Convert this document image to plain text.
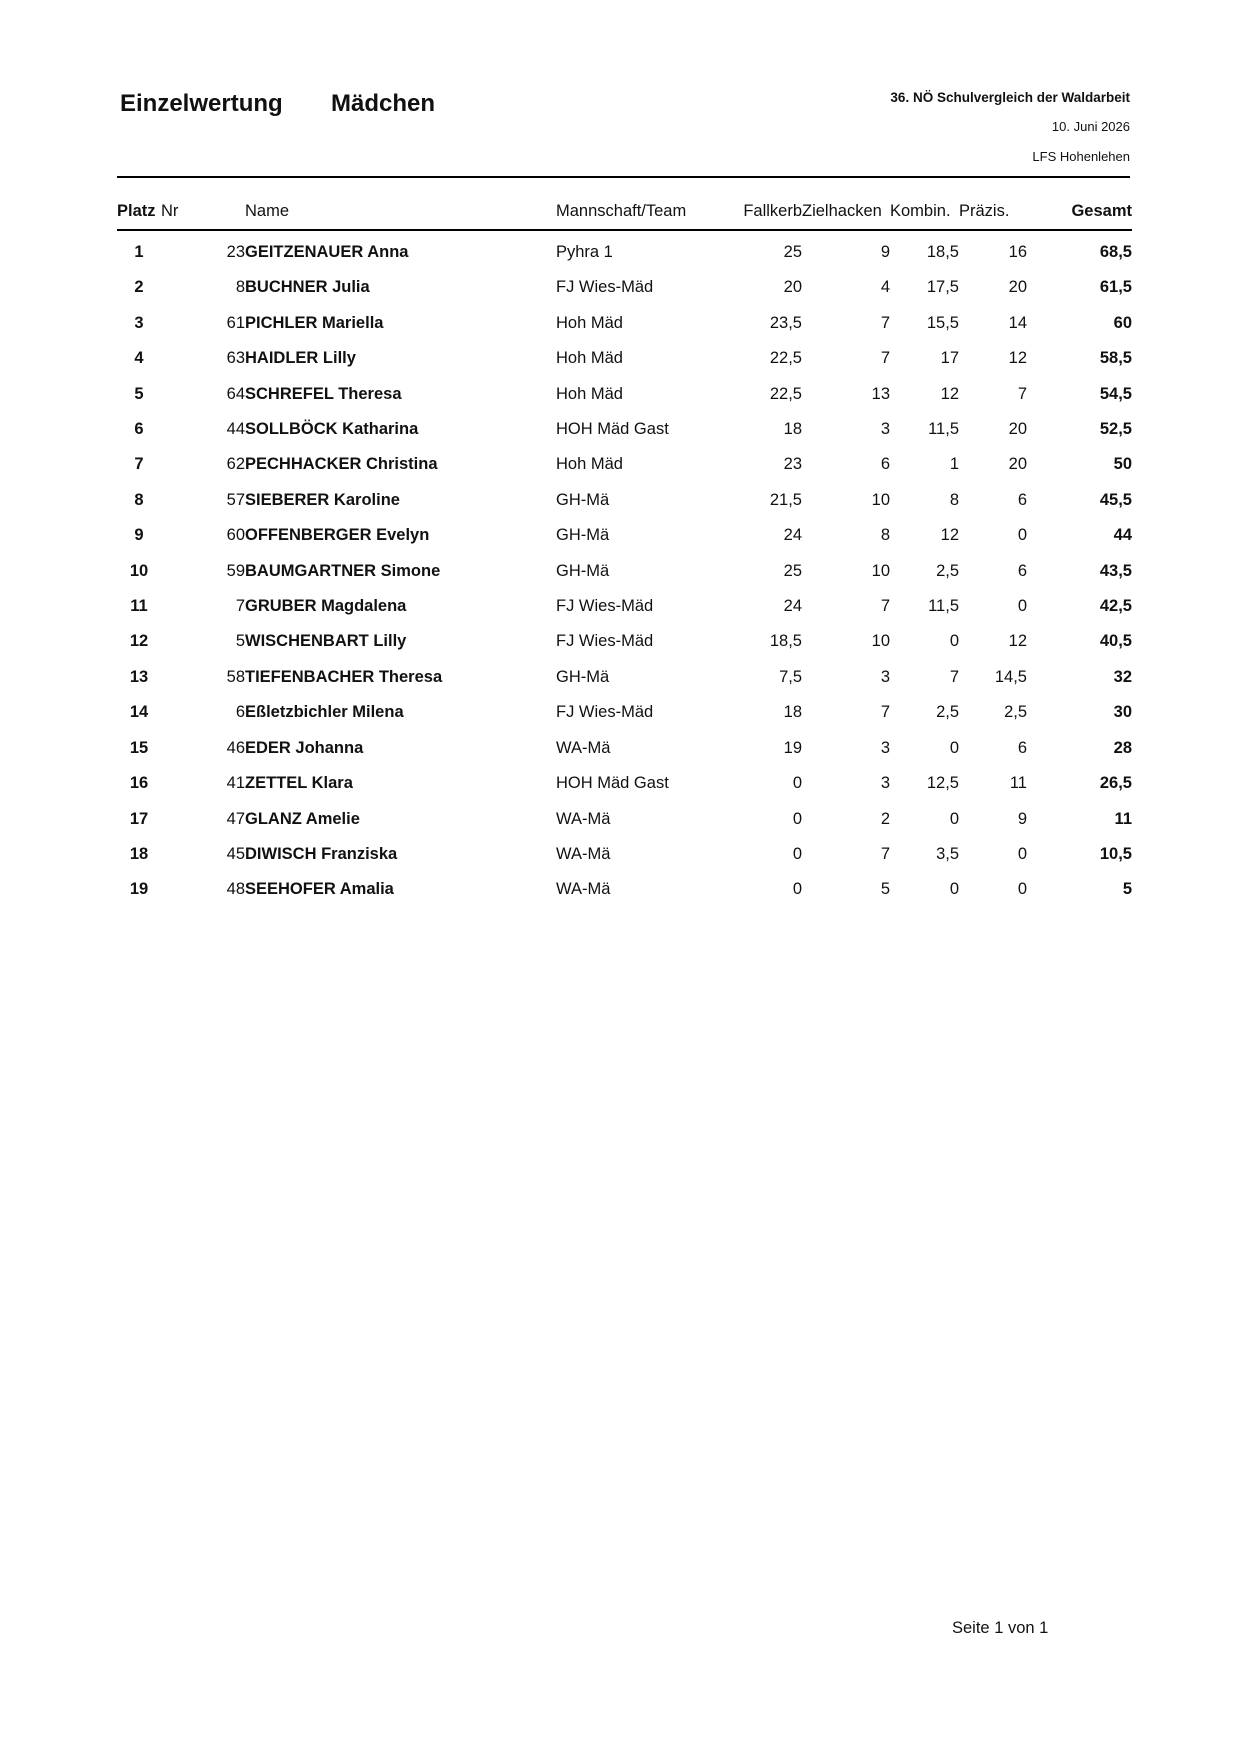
Einzelwertung Mädchen	36. NÖ Schulvergleich der Waldarbeit
10. Juni 2026
LFS Hohenlehen
Platz	Nr	Name	Mannschaft/Team	Fallkerb	Zielhacken	Kombin.	Präzis.	Gesamt

1	23	GEITZENAUER Anna	Pyhra 1	25	9	18,5	16	68,5
2	8	BUCHNER Julia	FJ Wies-Mäd	20	4	17,5	20	61,5
3	61	PICHLER Mariella	Hoh Mäd	23,5	7	15,5	14	60
4	63	HAIDLER Lilly	Hoh Mäd	22,5	7	17	12	58,5
5	64	SCHREFEL Theresa	Hoh Mäd	22,5	13	12	7	54,5
6	44	SOLLBÖCK Katharina	HOH Mäd Gast	18	3	11,5	20	52,5
7	62	PECHHACKER Christina	Hoh Mäd	23	6	1	20	50
8	57	SIEBERER Karoline	GH-Mä	21,5	10	8	6	45,5
9	60	OFFENBERGER Evelyn	GH-Mä	24	8	12	0	44
10	59	BAUMGARTNER Simone	GH-Mä	25	10	2,5	6	43,5
11	7	GRUBER Magdalena	FJ Wies-Mäd	24	7	11,5	0	42,5
12	5	WISCHENBART Lilly	FJ Wies-Mäd	18,5	10	0	12	40,5
13	58	TIEFENBACHER Theresa	GH-Mä	7,5	3	7	14,5	32
14	6	Eßletzbichler Milena	FJ Wies-Mäd	18	7	2,5	2,5	30
15	46	EDER Johanna	WA-Mä	19	3	0	6	28
16	41	ZETTEL Klara	HOH Mäd Gast	0	3	12,5	11	26,5
17	47	GLANZ Amelie	WA-Mä	0	2	0	9	11
18	45	DIWISCH Franziska	WA-Mä	0	7	3,5	0	10,5
19	48	SEEHOFER Amalia	WA-Mä	0	5	0	0	5
Seite 1 von 1
